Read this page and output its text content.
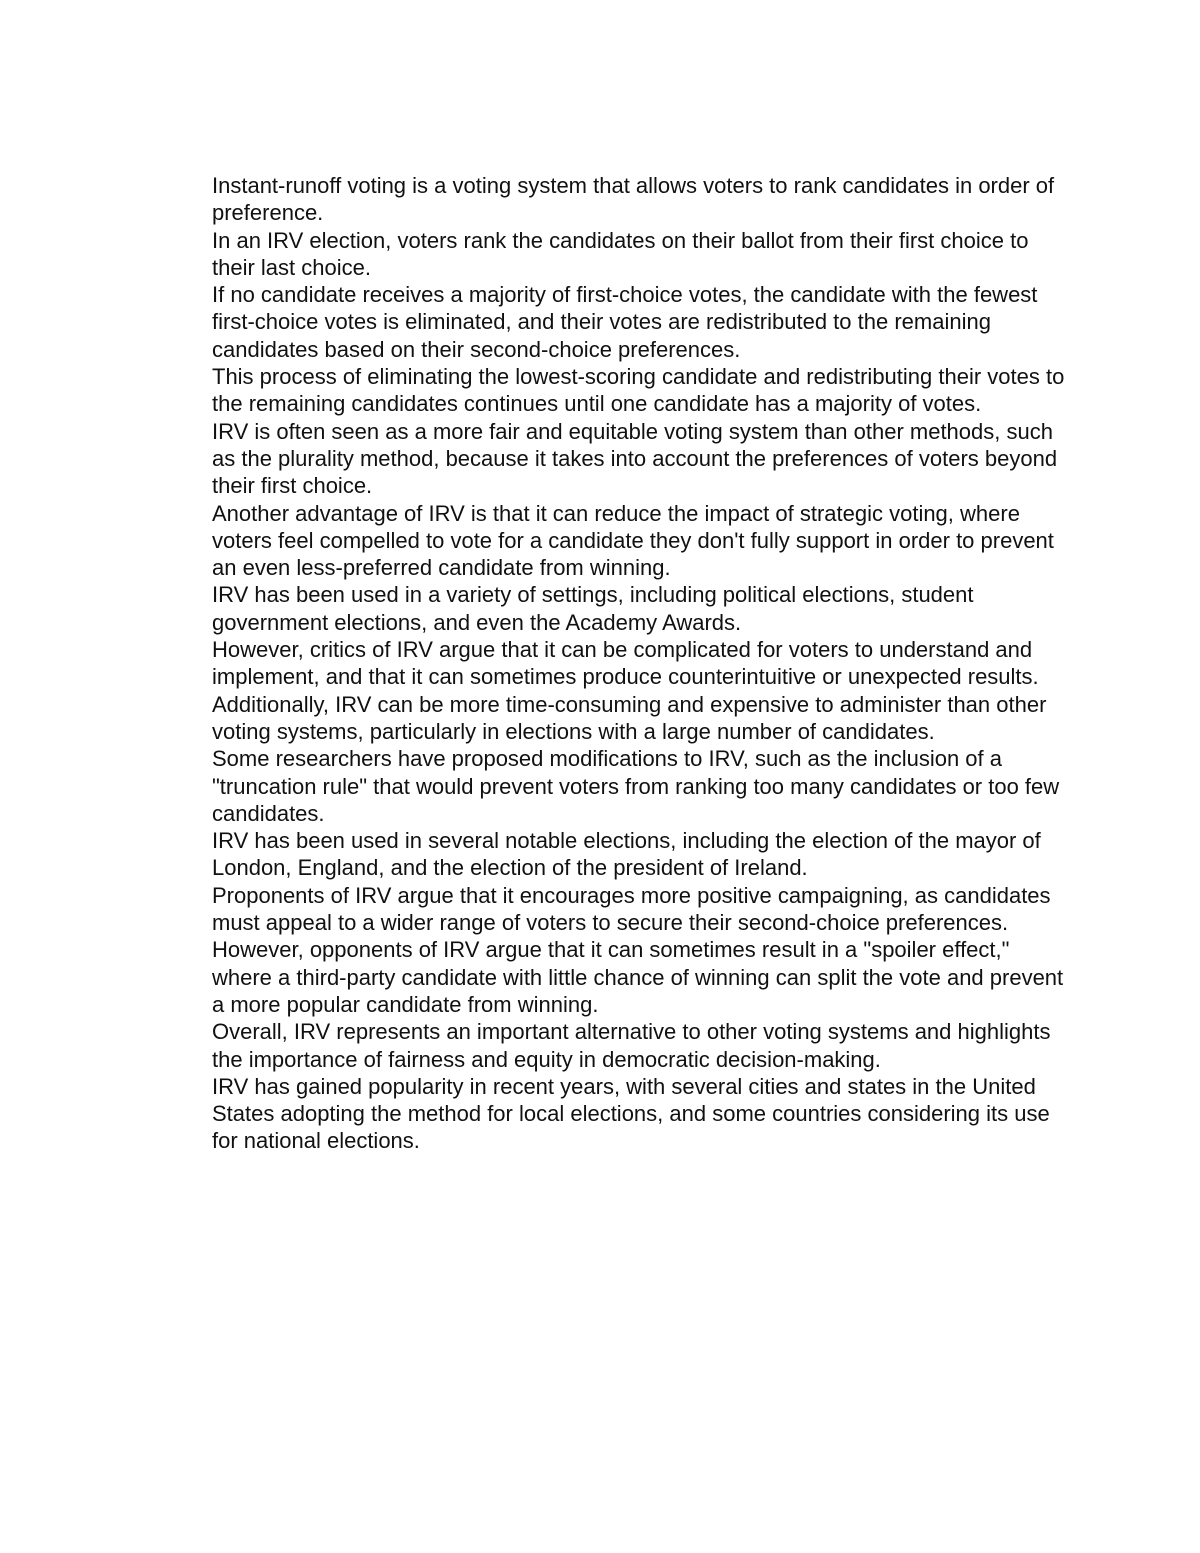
Instant-runoff voting is a voting system that allows voters to rank candidates in order of preference.

In an IRV election, voters rank the candidates on their ballot from their first choice to their last choice.

If no candidate receives a majority of first-choice votes, the candidate with the fewest first-choice votes is eliminated, and their votes are redistributed to the remaining candidates based on their second-choice preferences.

This process of eliminating the lowest-scoring candidate and redistributing their votes to the remaining candidates continues until one candidate has a majority of votes.

IRV is often seen as a more fair and equitable voting system than other methods, such as the plurality method, because it takes into account the preferences of voters beyond their first choice.

Another advantage of IRV is that it can reduce the impact of strategic voting, where voters feel compelled to vote for a candidate they don't fully support in order to prevent an even less-preferred candidate from winning.

IRV has been used in a variety of settings, including political elections, student government elections, and even the Academy Awards.

However, critics of IRV argue that it can be complicated for voters to understand and implement, and that it can sometimes produce counterintuitive or unexpected results.

Additionally, IRV can be more time-consuming and expensive to administer than other voting systems, particularly in elections with a large number of candidates.

Some researchers have proposed modifications to IRV, such as the inclusion of a "truncation rule" that would prevent voters from ranking too many candidates or too few candidates.

IRV has been used in several notable elections, including the election of the mayor of London, England, and the election of the president of Ireland.

Proponents of IRV argue that it encourages more positive campaigning, as candidates must appeal to a wider range of voters to secure their second-choice preferences.

However, opponents of IRV argue that it can sometimes result in a "spoiler effect," where a third-party candidate with little chance of winning can split the vote and prevent a more popular candidate from winning.

Overall, IRV represents an important alternative to other voting systems and highlights the importance of fairness and equity in democratic decision-making.

IRV has gained popularity in recent years, with several cities and states in the United States adopting the method for local elections, and some countries considering its use for national elections.
